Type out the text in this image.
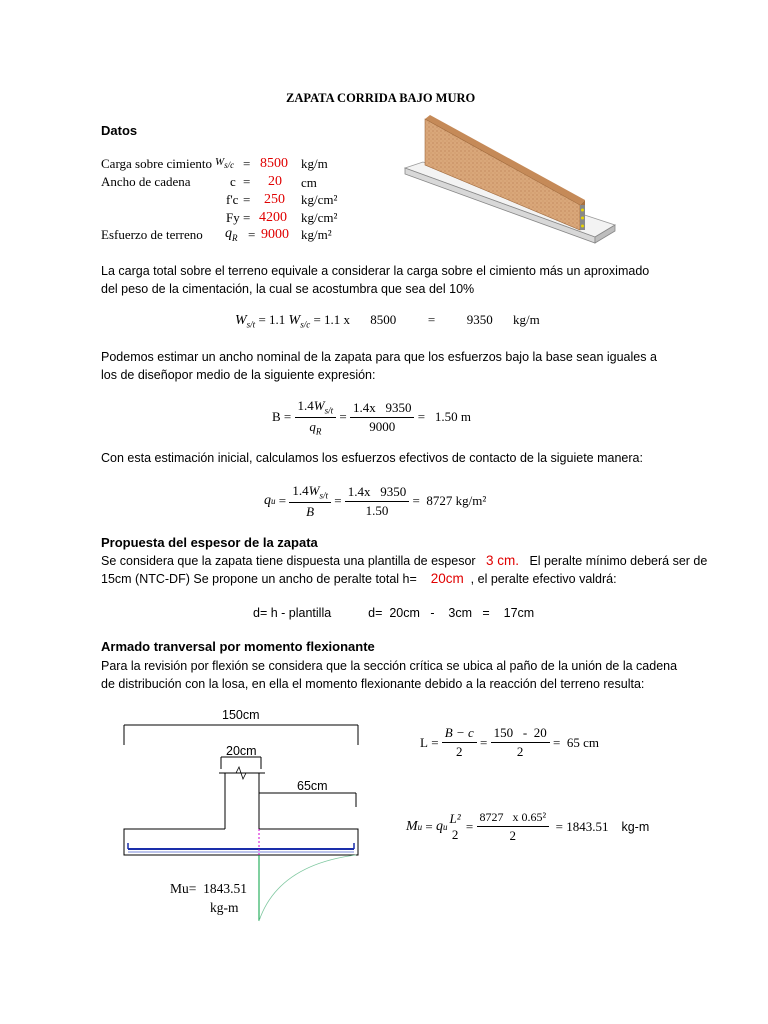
ZAPATA CORRIDA BAJO MURO
Datos
Carga sobre cimiento $W_{s/c} = 8500$ kg/m
Ancho de cadena	c = 20 cm
f'c = 250 kg/cm²
Fy = 4200 kg/cm²
Esfuerzo de terreno $q_R = 9000$ kg/m²
La carga total sobre el terreno equivale a considerar la carga sobre el cimiento más un aproximado
del peso de la cimentación, la cual se acostumbra que sea del 10%
$W_{s/t} = 1.1$ $W_{s/c} = 1.1$ x 8500 = 9350 kg/m
Podemos estimar un ancho nominal de la zapata para que los esfuerzos bajo la base sean iguales a
los de diseñopor medio de la siguiente expresión:
$B = \frac{1.4W_{s/t}}{q_R} = \frac{1.4x 9350}{9000} = 1.50$ m
Con esta estimación inicial, calculamos los esfuerzos efectivos de contacto de la siguiete manera:
q $u = \frac{1.4W_{s/t}}{B} = \frac{1.4x 9350}{1.50} = 8727$
kg/m²
Propuesta del espesor de la zapata
Se considera que la zapata tiene dispuesta una plantilla de espesor 3 cm. El peralte mínimo deberá ser de
15cm (NTC-DF) Se propone un ancho de peralte total h= 20cm , el peralte efectivo valdrá:
d= h - plantilla	d=  20cm   -    3cm   =    17cm
Armado tranversal por momento flexionante
Para la revisión por flexión se considera que la sección crítica se ubica al paño de la unión de la cadena
de distribución con la losa, en ella el momento flexionante debido a la reacción del terreno resulta:
150cm
20cm
65cm
Mu=  1843.51
kg-m
$L = \frac{B - c}{2} = \frac{150 - 20}{2} = 65$ cm
M u = q u
L²
2
= $\frac{\text{8727   x 0.65²}}{2} = 1843.51$
kg-m
